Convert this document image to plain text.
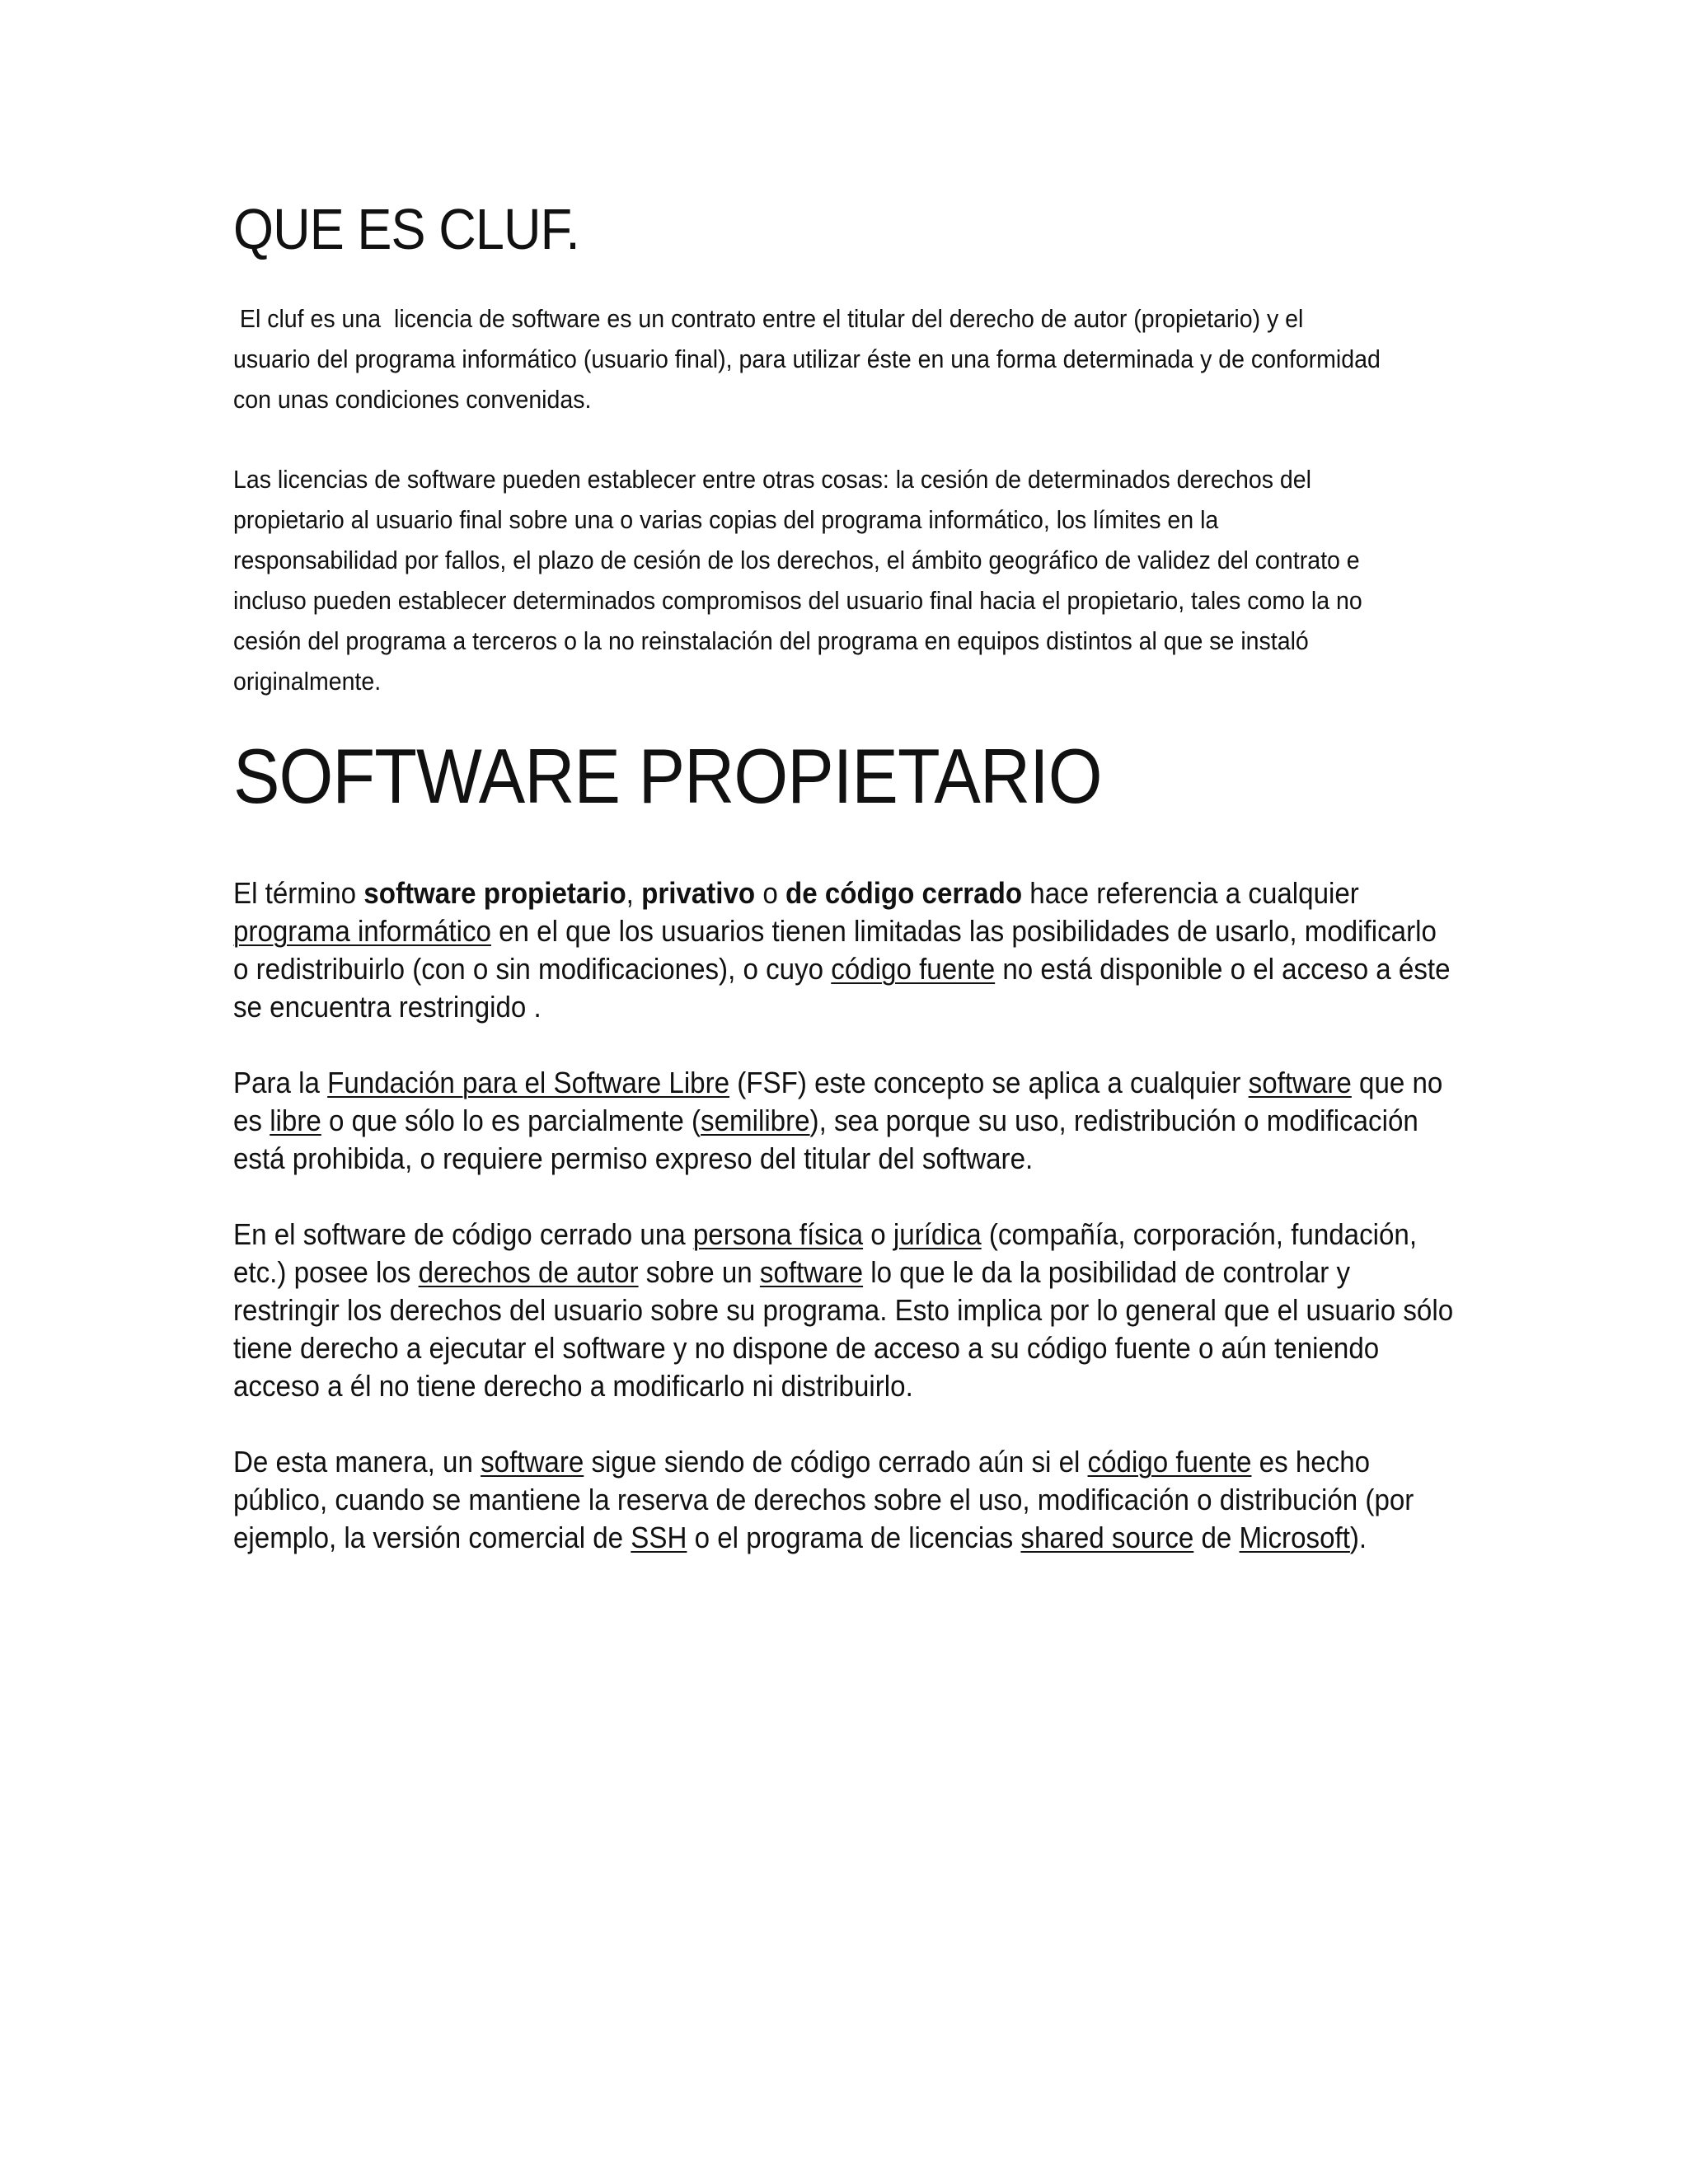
QUE ES CLUF.

El cluf es una  licencia de software es un contrato entre el titular del derecho de autor (propietario) y el
usuario del programa informático (usuario final), para utilizar éste en una forma determinada y de conformidad
con unas condiciones convenidas.

Las licencias de software pueden establecer entre otras cosas: la cesión de determinados derechos del
propietario al usuario final sobre una o varias copias del programa informático, los límites en la
responsabilidad por fallos, el plazo de cesión de los derechos, el ámbito geográfico de validez del contrato e
incluso pueden establecer determinados compromisos del usuario final hacia el propietario, tales como la no
cesión del programa a terceros o la no reinstalación del programa en equipos distintos al que se instaló
originalmente.

SOFTWARE PROPIETARIO

El término software propietario, privativo o de código cerrado hace referencia a cualquier
programa informático en el que los usuarios tienen limitadas las posibilidades de usarlo, modificarlo
o redistribuirlo (con o sin modificaciones), o cuyo código fuente no está disponible o el acceso a éste
se encuentra restringido .

Para la Fundación para el Software Libre (FSF) este concepto se aplica a cualquier software que no
es libre o que sólo lo es parcialmente (semilibre), sea porque su uso, redistribución o modificación
está prohibida, o requiere permiso expreso del titular del software.

En el software de código cerrado una persona física o jurídica (compañía, corporación, fundación,
etc.) posee los derechos de autor sobre un software lo que le da la posibilidad de controlar y
restringir los derechos del usuario sobre su programa. Esto implica por lo general que el usuario sólo
tiene derecho a ejecutar el software y no dispone de acceso a su código fuente o aún teniendo
acceso a él no tiene derecho a modificarlo ni distribuirlo.

De esta manera, un software sigue siendo de código cerrado aún si el código fuente es hecho
público, cuando se mantiene la reserva de derechos sobre el uso, modificación o distribución (por
ejemplo, la versión comercial de SSH o el programa de licencias shared source de Microsoft).
